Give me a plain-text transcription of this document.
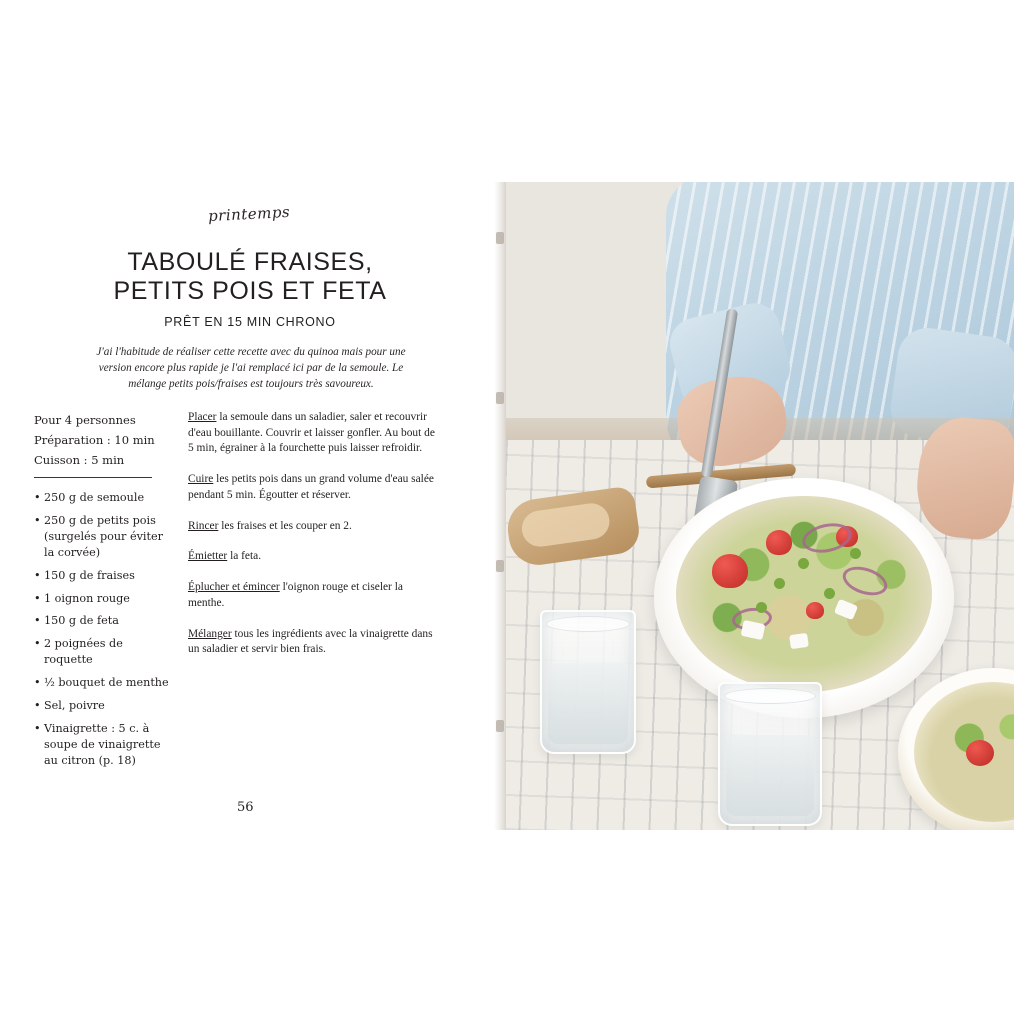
printemps
TABOULÉ FRAISES,
PETITS POIS ET FETA
PRÊT EN 15 MIN CHRONO
J'ai l'habitude de réaliser cette recette avec du quinoa mais pour une version encore plus rapide je l'ai remplacé ici par de la semoule. Le mélange petits pois/fraises est toujours très savoureux.
Pour 4 personnes
Préparation : 10 min
Cuisson : 5 min
• 250 g de semoule
• 250 g de petits pois (surgelés pour éviter la corvée)
• 150 g de fraises
• 1 oignon rouge
• 150 g de feta
• 2 poignées de roquette
• ½ bouquet de menthe
• Sel, poivre
• Vinaigrette : 5 c. à soupe de vinaigrette au citron (p. 18)

Placer la semoule dans un saladier, saler et recouvrir d'eau bouillante. Couvrir et laisser gonfler. Au bout de 5 min, égrainer à la fourchette puis laisser refroidir.

Cuire les petits pois dans un grand volume d'eau salée pendant 5 min. Égoutter et réserver.

Rincer les fraises et les couper en 2.

Émietter la feta.

Éplucher et émincer l'oignon rouge et ciseler la menthe.

Mélanger tous les ingrédients avec la vinaigrette dans un saladier et servir bien frais.

56
